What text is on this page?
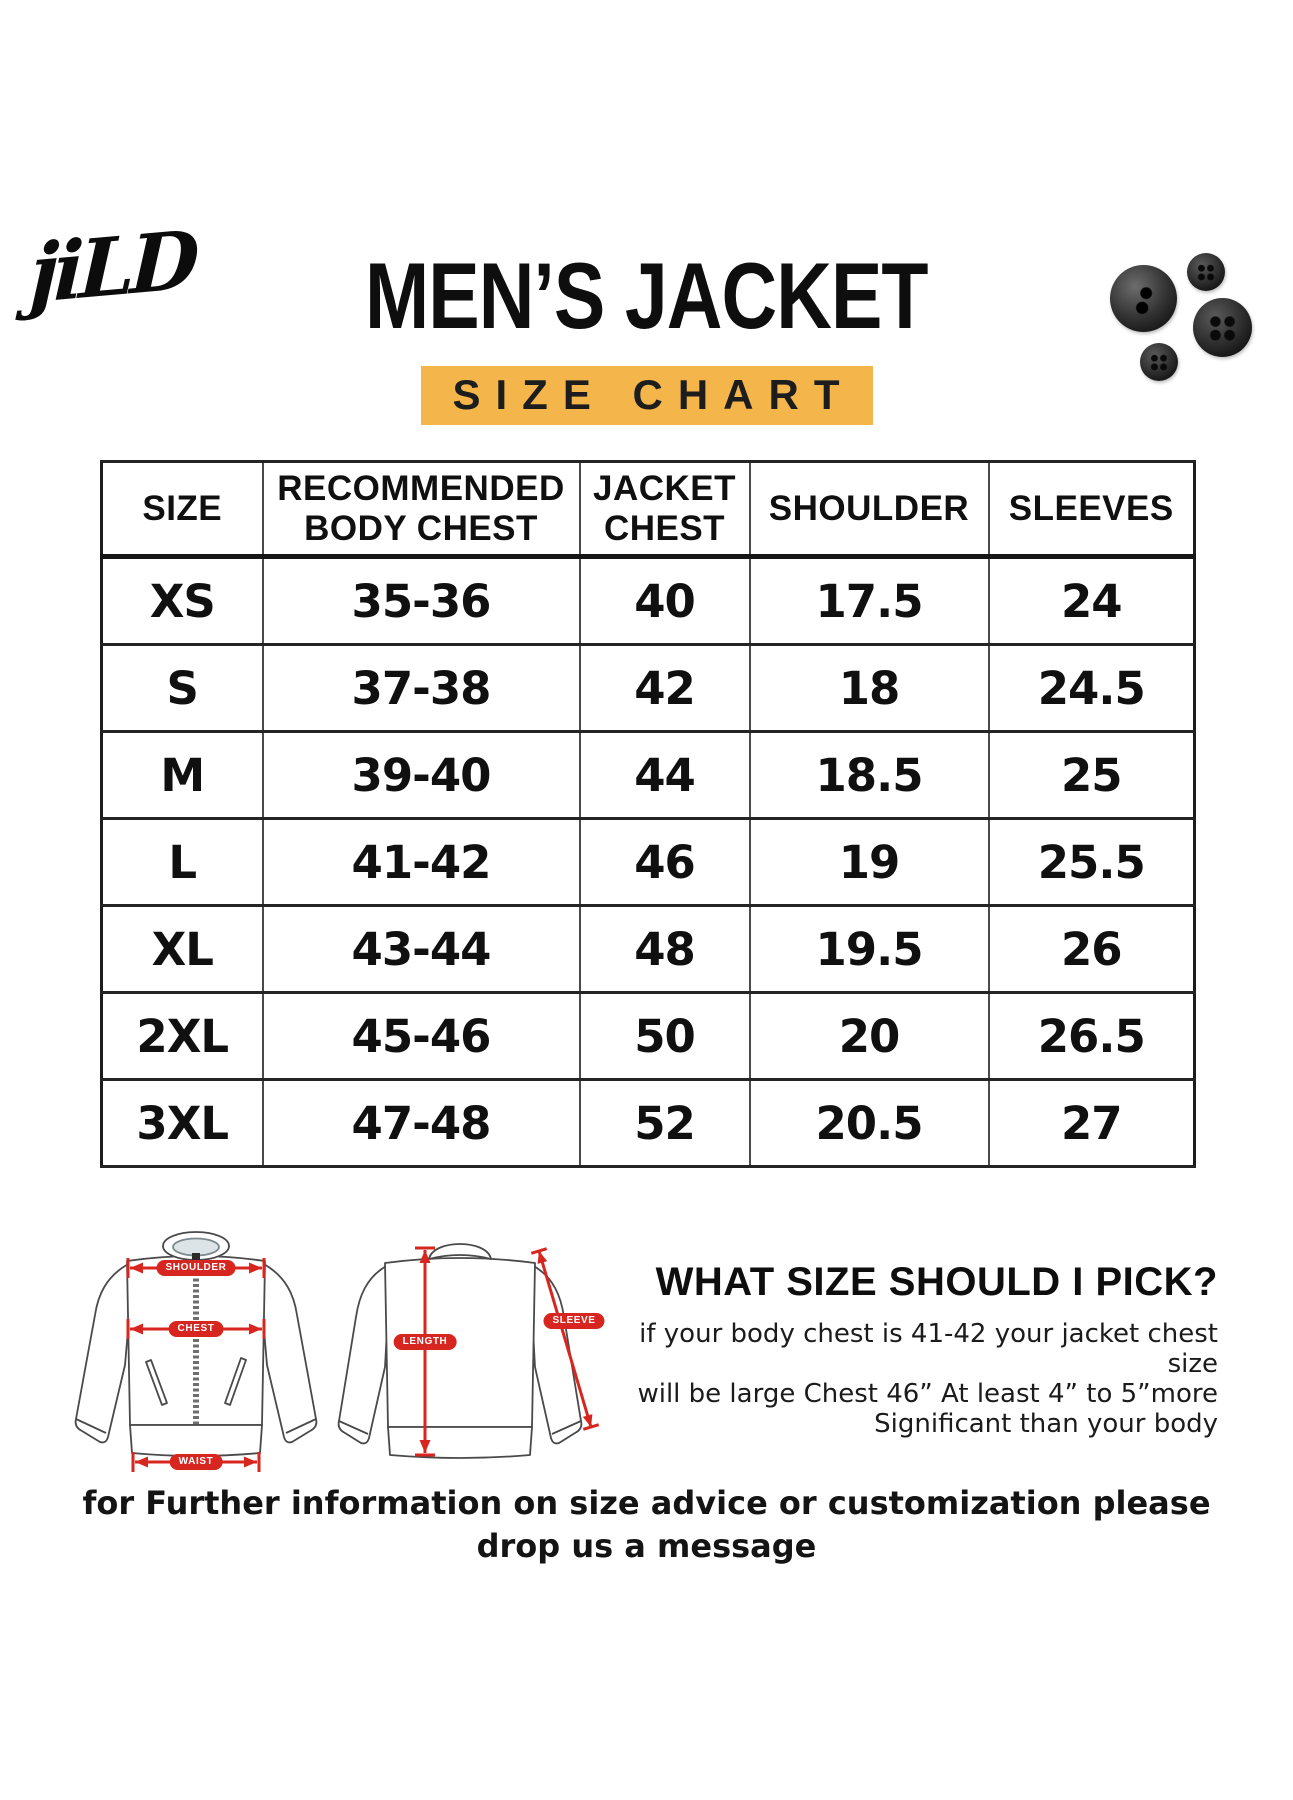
jiLD	MEN’S JACKET
SIZE CHART
SIZE	RECOMMENDED BODY CHEST	JACKET CHEST	SHOULDER	SLEEVES
XS	35-36	40	17.5	24
S	37-38	42	18	24.5
M	39-40	44	18.5	25
L	41-42	46	19	25.5
XL	43-44	48	19.5	26
2XL	45-46	50	20	26.5
3XL	47-48	52	20.5	27
SHOULDER
CHEST
WAIST
LENGTH
SLEEVE
WHAT SIZE SHOULD I PICK?
if your body chest is 41-42 your jacket chest size
will be large Chest 46” At least 4” to 5”more
Significant than your body
for Further information on size advice or customization please
drop us a message
